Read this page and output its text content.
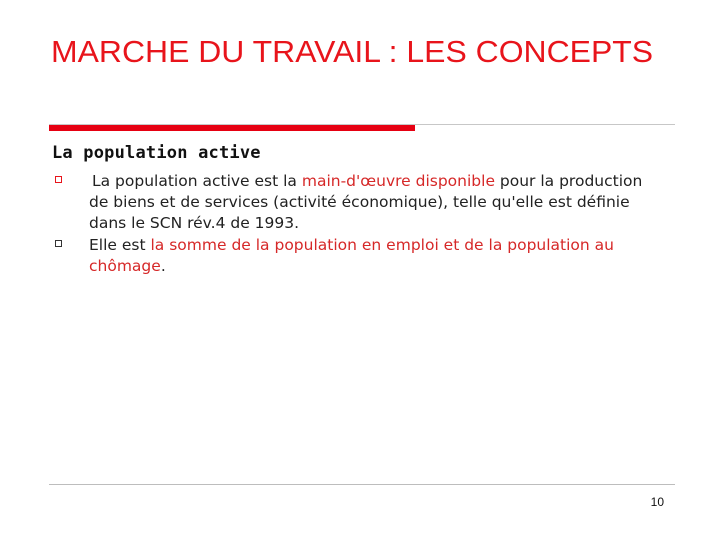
MARCHE DU TRAVAIL : LES CONCEPTS

La population active

La population active est la main-d'œuvre disponible pour la production de biens et de services (activité économique), telle qu'elle est définie dans le SCN rév.4 de 1993.
Elle est la somme de la population en emploi et de la population au chômage.
10
